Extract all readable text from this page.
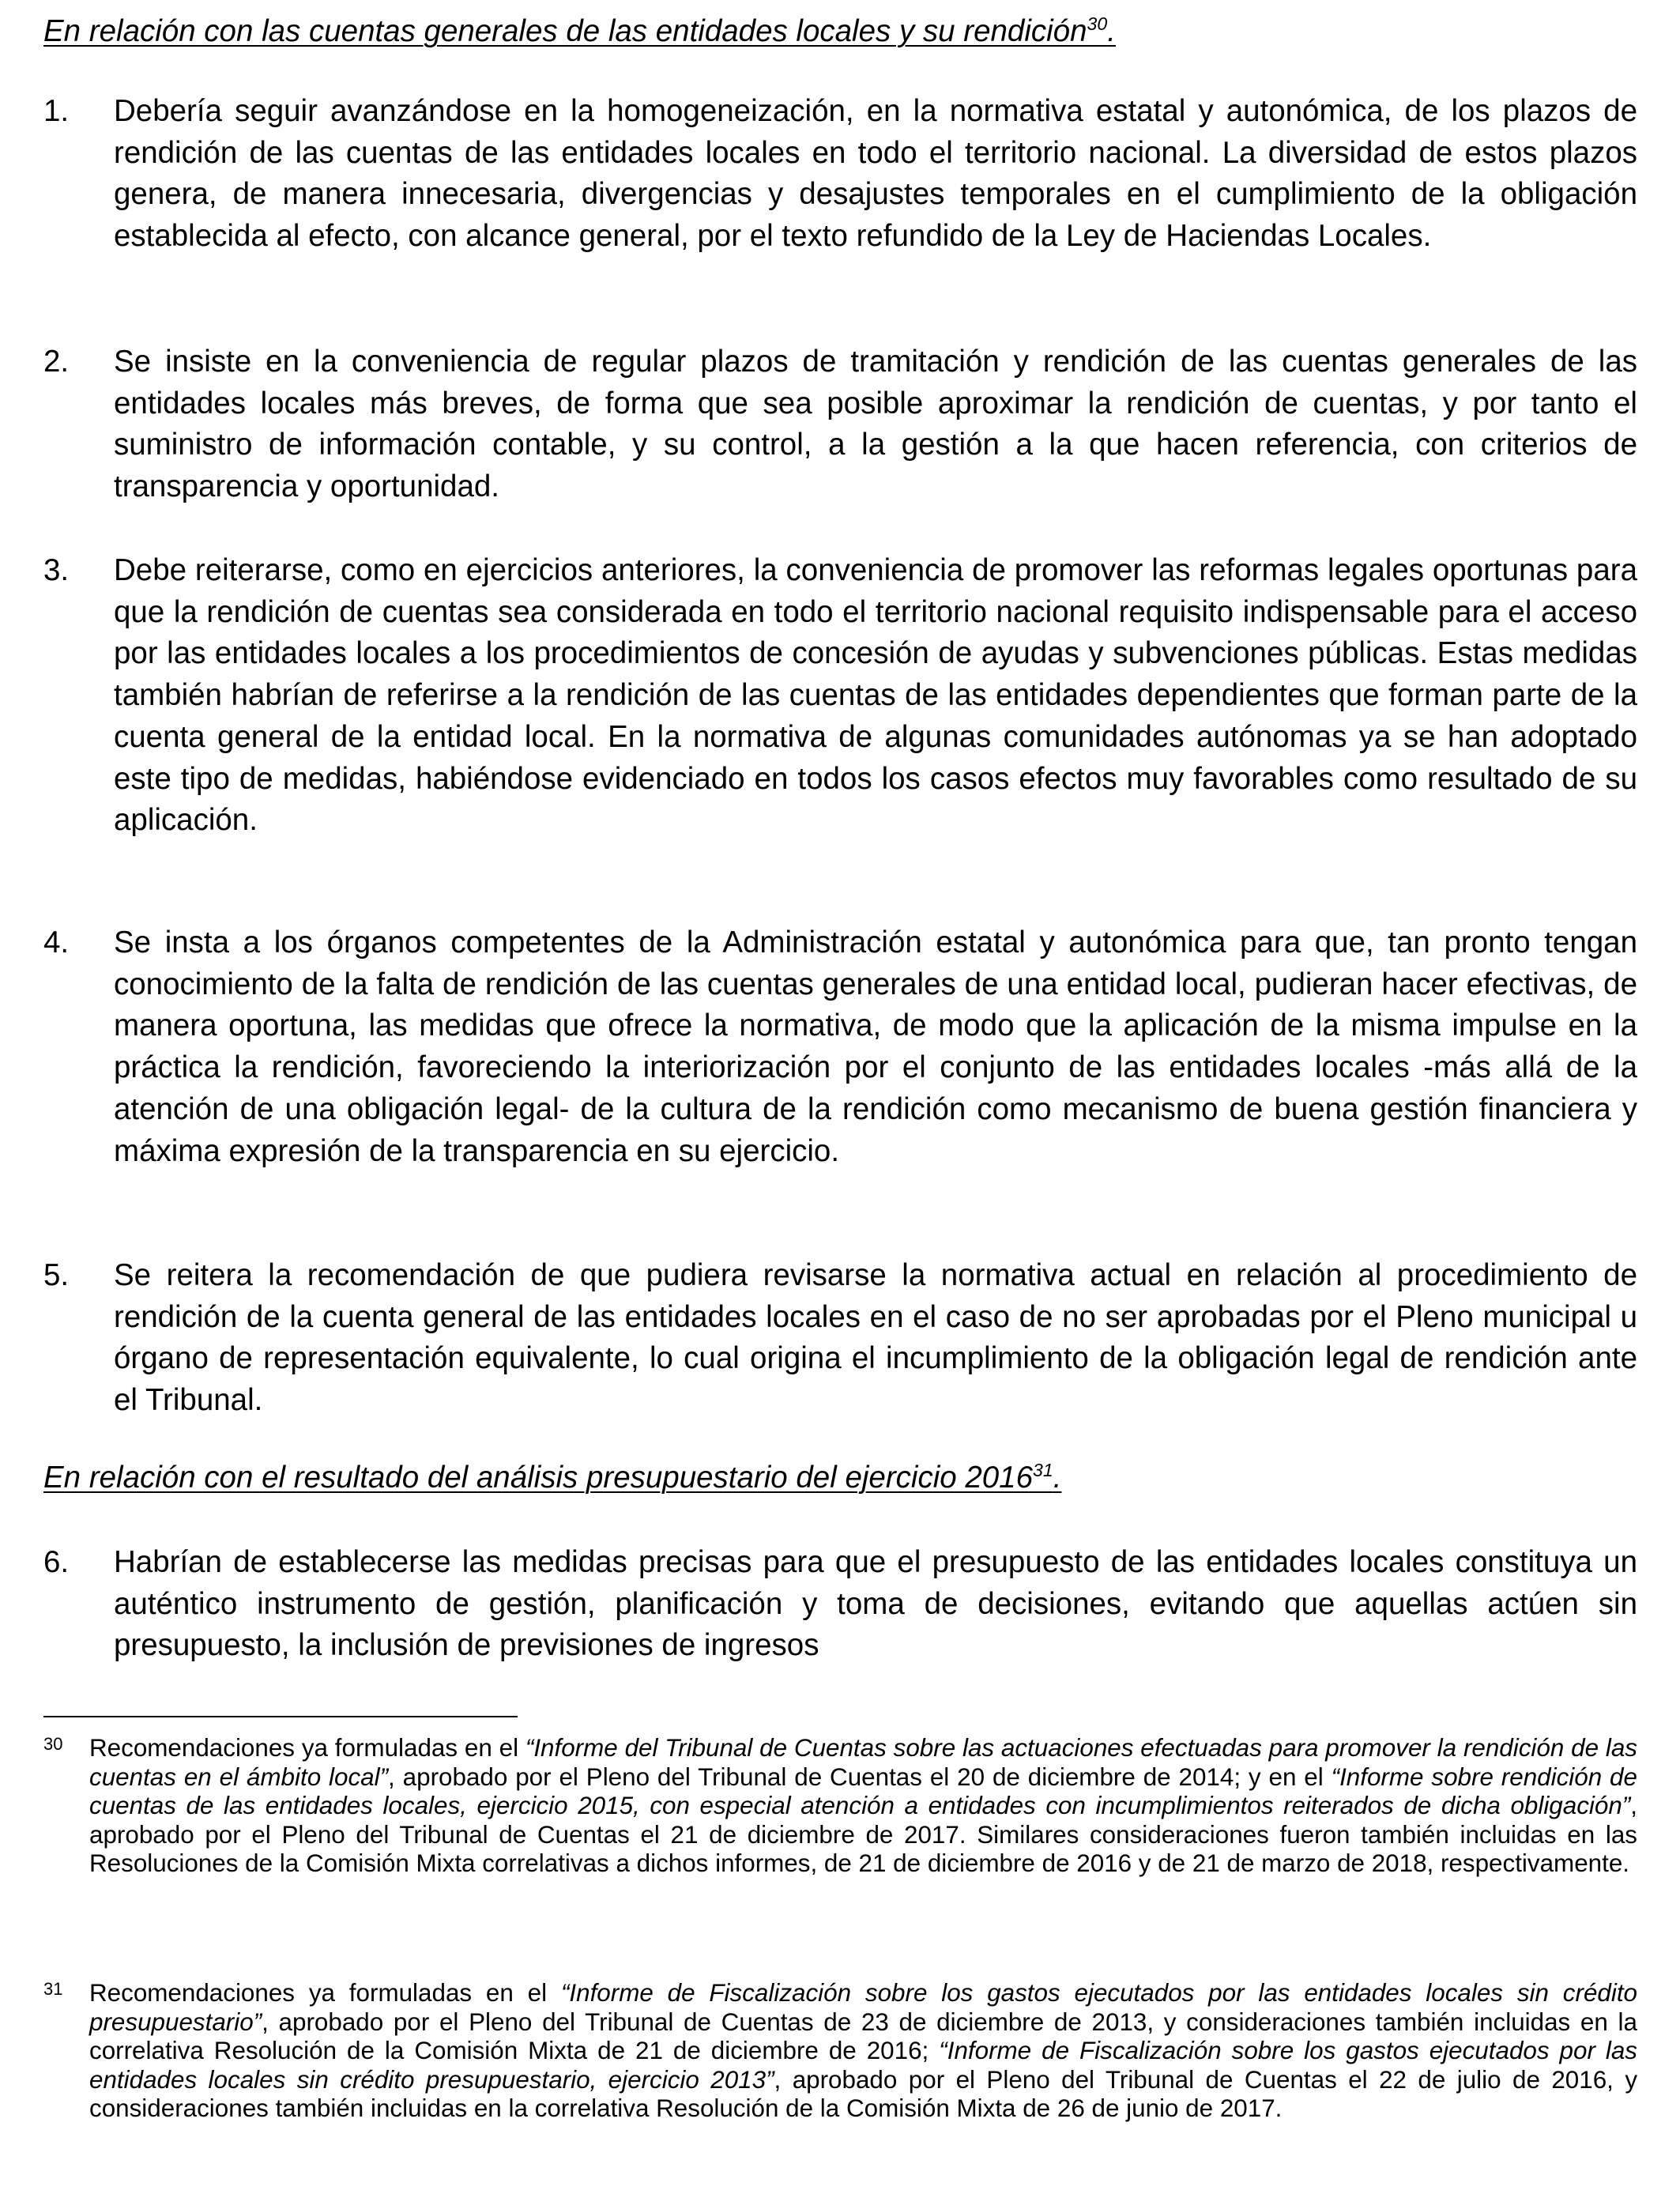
En relación con las cuentas generales de las entidades locales y su rendición$^{30}$.

1.	Debería seguir avanzándose en la homogeneización, en la normativa estatal y autonómica, de los plazos de rendición de las cuentas de las entidades locales en todo el territorio nacional. La diversidad de estos plazos genera, de manera innecesaria, divergencias y desajustes temporales en el cumplimiento de la obligación establecida al efecto, con alcance general, por el texto refundido de la Ley de Haciendas Locales.
2.	Se insiste en la conveniencia de regular plazos de tramitación y rendición de las cuentas generales de las entidades locales más breves, de forma que sea posible aproximar la rendición de cuentas, y por tanto el suministro de información contable, y su control, a la gestión a la que hacen referencia, con criterios de transparencia y oportunidad.
3.	Debe reiterarse, como en ejercicios anteriores, la conveniencia de promover las reformas legales oportunas para que la rendición de cuentas sea considerada en todo el territorio nacional requisito indispensable para el acceso por las entidades locales a los procedimientos de concesión de ayudas y subvenciones públicas. Estas medidas también habrían de referirse a la rendición de las cuentas de las entidades dependientes que forman parte de la cuenta general de la entidad local. En la normativa de algunas comunidades autónomas ya se han adoptado este tipo de medidas, habiéndose evidenciado en todos los casos efectos muy favorables como resultado de su aplicación.
4.	Se insta a los órganos competentes de la Administración estatal y autonómica para que, tan pronto tengan conocimiento de la falta de rendición de las cuentas generales de una entidad local, pudieran hacer efectivas, de manera oportuna, las medidas que ofrece la normativa, de modo que la aplicación de la misma impulse en la práctica la rendición, favoreciendo la interiorización por el conjunto de las entidades locales -más allá de la atención de una obligación legal- de la cultura de la rendición como mecanismo de buena gestión financiera y máxima expresión de la transparencia en su ejercicio.
5.	Se reitera la recomendación de que pudiera revisarse la normativa actual en relación al procedimiento de rendición de la cuenta general de las entidades locales en el caso de no ser aprobadas por el Pleno municipal u órgano de representación equivalente, lo cual origina el incumplimiento de la obligación legal de rendición ante el Tribunal.

En relación con el resultado del análisis presupuestario del ejercicio 2016$^{31}$.

6.	Habrían de establecerse las medidas precisas para que el presupuesto de las entidades locales constituya un auténtico instrumento de gestión, planificación y toma de decisiones, evitando que aquellas actúen sin presupuesto, la inclusión de previsiones de ingresos
30	Recomendaciones ya formuladas en el “Informe del Tribunal de Cuentas sobre las actuaciones efectuadas para promover la rendición de las cuentas en el ámbito local”, aprobado por el Pleno del Tribunal de Cuentas el 20 de diciembre de 2014; y en el “Informe sobre rendición de cuentas de las entidades locales, ejercicio 2015, con especial atención a entidades con incumplimientos reiterados de dicha obligación”, aprobado por el Pleno del Tribunal de Cuentas el 21 de diciembre de 2017. Similares consideraciones fueron también incluidas en las Resoluciones de la Comisión Mixta correlativas a dichos informes, de 21 de diciembre de 2016 y de 21 de marzo de 2018, respectivamente.
31	Recomendaciones ya formuladas en el “Informe de Fiscalización sobre los gastos ejecutados por las entidades locales sin crédito presupuestario”, aprobado por el Pleno del Tribunal de Cuentas de 23 de diciembre de 2013, y consideraciones también incluidas en la correlativa Resolución de la Comisión Mixta de 21 de diciembre de 2016; “Informe de Fiscalización sobre los gastos ejecutados por las entidades locales sin crédito presupuestario, ejercicio 2013”, aprobado por el Pleno del Tribunal de Cuentas el 22 de julio de 2016, y consideraciones también incluidas en la correlativa Resolución de la Comisión Mixta de 26 de junio de 2017.
